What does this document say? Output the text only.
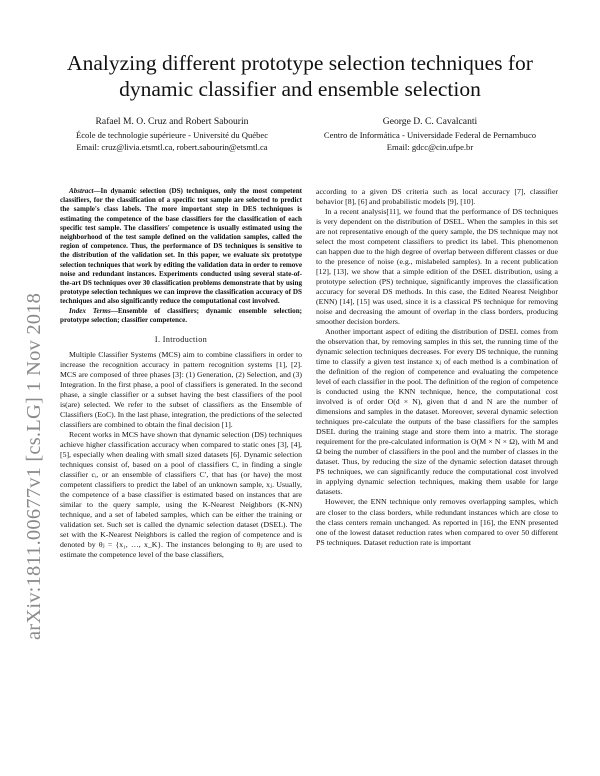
Analyzing different prototype selection techniques for dynamic classifier and ensemble selection
Rafael M. O. Cruz and Robert Sabourin
École de technologie supérieure - Université du Québec
Email: cruz@livia.etsmtl.ca, robert.sabourin@etsmtl.ca
George D. C. Cavalcanti
Centro de Informática - Universidade Federal de Pernambuco
Email: gdcc@cin.ufpe.br
arXiv:1811.00677v1 [cs.LG] 1 Nov 2018

Abstract—In dynamic selection (DS) techniques, only the most competent classifiers, for the classification of a specific test sample are selected to predict the sample's class labels. The more important step in DES techniques is estimating the competence of the base classifiers for the classification of each specific test sample. The classifiers' competence is usually estimated using the neighborhood of the test sample defined on the validation samples, called the region of competence. Thus, the performance of DS techniques is sensitive to the distribution of the validation set. In this paper, we evaluate six prototype selection techniques that work by editing the validation data in order to remove noise and redundant instances. Experiments conducted using several state-of-the-art DS techniques over 30 classification problems demonstrate that by using prototype selection techniques we can improve the classification accuracy of DS techniques and also significantly reduce the computational cost involved.

Index Terms—Ensemble of classifiers; dynamic ensemble selection; prototype selection; classifier competence.

I. Introduction

Multiple Classifier Systems (MCS) aim to combine classifiers in order to increase the recognition accuracy in pattern recognition systems [1], [2]. MCS are composed of three phases [3]: (1) Generation, (2) Selection, and (3) Integration. In the first phase, a pool of classifiers is generated. In the second phase, a single classifier or a subset having the best classifiers of the pool is(are) selected. We refer to the subset of classifiers as the Ensemble of Classifiers (EoC). In the last phase, integration, the predictions of the selected classifiers are combined to obtain the final decision [1].

Recent works in MCS have shown that dynamic selection (DS) techniques achieve higher classification accuracy when compared to static ones [3], [4], [5], especially when dealing with small sized datasets [6]. Dynamic selection techniques consist of, based on a pool of classifiers C, in finding a single classifier cᵢ, or an ensemble of classifiers C′, that has (or have) the most competent classifiers to predict the label of an unknown sample, xⱼ. Usually, the competence of a base classifier is estimated based on instances that are similar to the query sample, using the K-Nearest Neighbors (K-NN) technique, and a set of labeled samples, which can be either the training or validation set. Such set is called the dynamic selection dataset (DSEL). The set with the K-Nearest Neighbors is called the region of competence and is denoted by θⱼ = {x₁, …, x_K}. The instances belonging to θⱼ are used to estimate the competence level of the base classifiers,

according to a given DS criteria such as local accuracy [7], classifier behavior [8], [6] and probabilistic models [9], [10].

In a recent analysis[11], we found that the performance of DS techniques is very dependent on the distribution of DSEL. When the samples in this set are not representative enough of the query sample, the DS technique may not select the most competent classifiers to predict its label. This phenomenon can happen due to the high degree of overlap between different classes or due to the presence of noise (e.g., mislabeled samples). In a recent publication [12], [13], we show that a simple edition of the DSEL distribution, using a prototype selection (PS) technique, significantly improves the classification accuracy for several DS methods. In this case, the Edited Nearest Neighbor (ENN) [14], [15] was used, since it is a classical PS technique for removing noise and decreasing the amount of overlap in the class borders, producing smoother decision borders.

Another important aspect of editing the distribution of DSEL comes from the observation that, by removing samples in this set, the running time of the dynamic selection techniques decreases. For every DS technique, the running time to classify a given test instance xⱼ of each method is a combination of the definition of the region of competence and evaluating the competence level of each classifier in the pool. The definition of the region of competence is conducted using the KNN technique, hence, the computational cost involved is of order O(d × N), given that d and N are the number of dimensions and samples in the dataset. Moreover, several dynamic selection techniques pre-calculate the outputs of the base classifiers for the samples DSEL during the training stage and store them into a matrix. The storage requirement for the pre-calculated information is O(M × N × Ω), with M and Ω being the number of classifiers in the pool and the number of classes in the dataset. Thus, by reducing the size of the dynamic selection dataset through PS techniques, we can significantly reduce the computational cost involved in applying dynamic selection techniques, making them usable for large datasets.

However, the ENN technique only removes overlapping samples, which are closer to the class borders, while redundant instances which are close to the class centers remain unchanged. As reported in [16], the ENN presented one of the lowest dataset reduction rates when compared to over 50 different PS techniques. Dataset reduction rate is important
